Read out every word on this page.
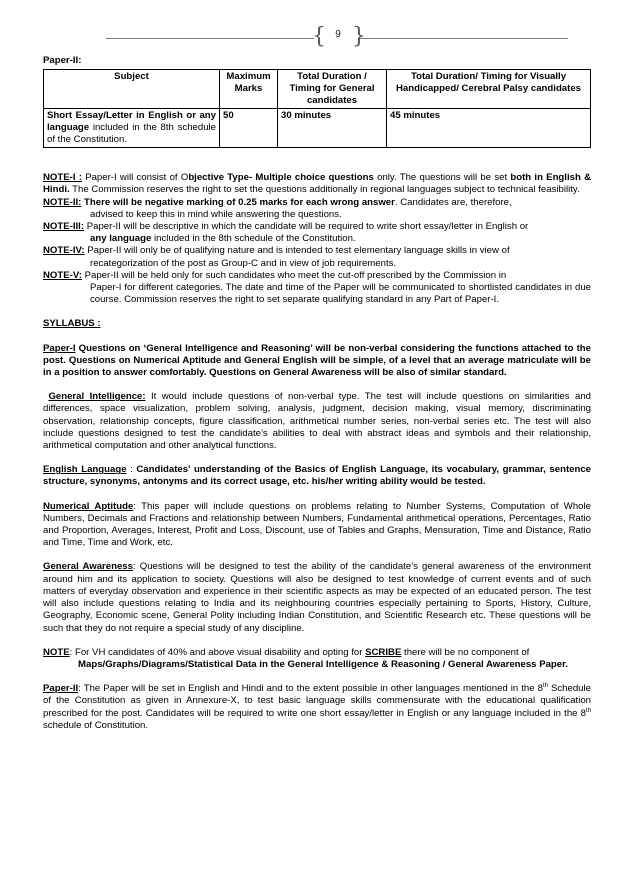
{ 9 }

Paper-II:

Subject	Maximum Marks	Total Duration / Timing for General candidates	Total Duration/ Timing for Visually Handicapped/ Cerebral Palsy candidates
Short Essay/Letter in English or any language included in the 8th schedule of the Constitution.	50	30 minutes	45 minutes

NOTE-I : Paper-I will consist of Objective Type- Multiple choice questions only. The questions will be set both in English & Hindi. The Commission reserves the right to set the questions additionally in regional languages subject to technical feasibility.

NOTE-II: There will be negative marking of 0.25 marks for each wrong answer. Candidates are, therefore,

advised to keep this in mind while answering the questions.

NOTE-III: Paper-II will be descriptive in which the candidate will be required to write short essay/letter in English or

any language included in the 8th schedule of the Constitution.

NOTE-IV: Paper-II will only be of qualifying nature and is intended to test elementary language skills in view of

recategorization of the post as Group-C and in view of job requirements.

NOTE-V: Paper-II will be held only for such candidates who meet the cut-off prescribed by the Commission in

Paper-I for different categories. The date and time of the Paper will be communicated to shortlisted candidates in due course. Commission reserves the right to set separate qualifying standard in any Part of Paper-I.

SYLLABUS :

Paper-I Questions on ‘General Intelligence and Reasoning’ will be non-verbal considering the functions attached to the post. Questions on Numerical Aptitude and General English will be simple, of a level that an average matriculate will be in a position to answer comfortably. Questions on General Awareness will be also of similar standard.

General Intelligence: It would include questions of non-verbal type. The test will include questions on similarities and differences, space visualization, problem solving, analysis, judgment, decision making, visual memory, discriminating observation, relationship concepts, figure classification, arithmetical number series, non-verbal series etc. The test will also include questions designed to test the candidate’s abilities to deal with abstract ideas and symbols and their relationship, arithmetical computation and other analytical functions.

English Language : Candidates' understanding of the Basics of English Language, its vocabulary, grammar, sentence structure, synonyms, antonyms and its correct usage, etc. his/her writing ability would be tested.

Numerical Aptitude: This paper will include questions on problems relating to Number Systems, Computation of Whole Numbers, Decimals and Fractions and relationship between Numbers, Fundamental arithmetical operations, Percentages, Ratio and Proportion, Averages, Interest, Profit and Loss, Discount, use of Tables and Graphs, Mensuration, Time and Distance, Ratio and Time, Time and Work, etc.

General Awareness: Questions will be designed to test the ability of the candidate’s general awareness of the environment around him and its application to society. Questions will also be designed to test knowledge of current events and of such matters of everyday observation and experience in their scientific aspects as may be expected of an educated person. The test will also include questions relating to India and its neighbouring countries especially pertaining to Sports, History, Culture, Geography, Economic scene, General Polity including Indian Constitution, and Scientific Research etc. These questions will be such that they do not require a special study of any discipline.

NOTE: For VH candidates of 40% and above visual disability and opting for SCRIBE there will be no component of

Maps/Graphs/Diagrams/Statistical Data in the General Intelligence & Reasoning / General Awareness Paper.

Paper-II: The Paper will be set in English and Hindi and to the extent possible in other languages mentioned in the 8th Schedule of the Constitution as given in Annexure-X, to test basic language skills commensurate with the educational qualification prescribed for the post. Candidates will be required to write one short essay/letter in English or any language included in the 8th schedule of Constitution.
